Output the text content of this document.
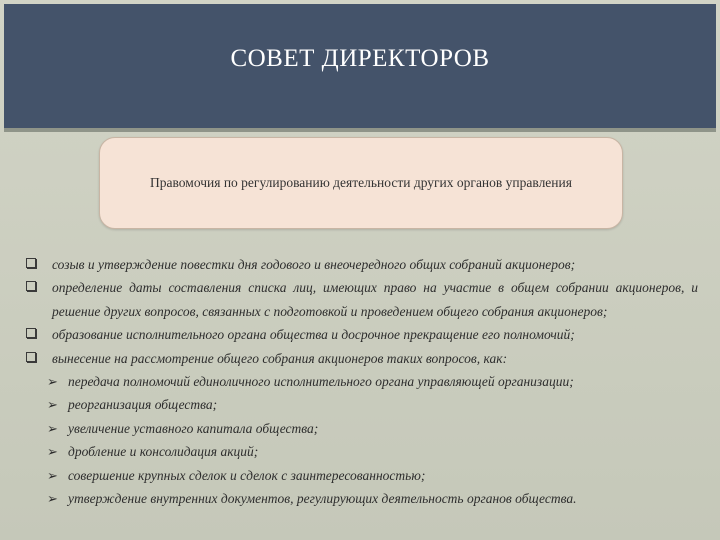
СОВЕТ ДИРЕКТОРОВ
Правомочия по регулированию деятельности других органов управления
созыв и утверждение повестки дня годового и внеочередного общих собраний акционеров;
определение даты составления списка лиц, имеющих право на участие в общем собрании акционеров, и решение других вопросов, связанных с подготовкой и проведением общего собрания акционеров;
образование исполнительного органа общества и досрочное прекращение его полномочий;
вынесение на рассмотрение общего собрания акционеров таких вопросов, как:
➢ передача полномочий единоличного исполнительного органа управляющей организации;
➢ реорганизация общества;
➢ увеличение уставного капитала общества;
➢ дробление и консолидация акций;
➢ совершение крупных сделок и сделок с заинтересованностью;
➢ утверждение внутренних документов, регулирующих деятельность органов общества.
